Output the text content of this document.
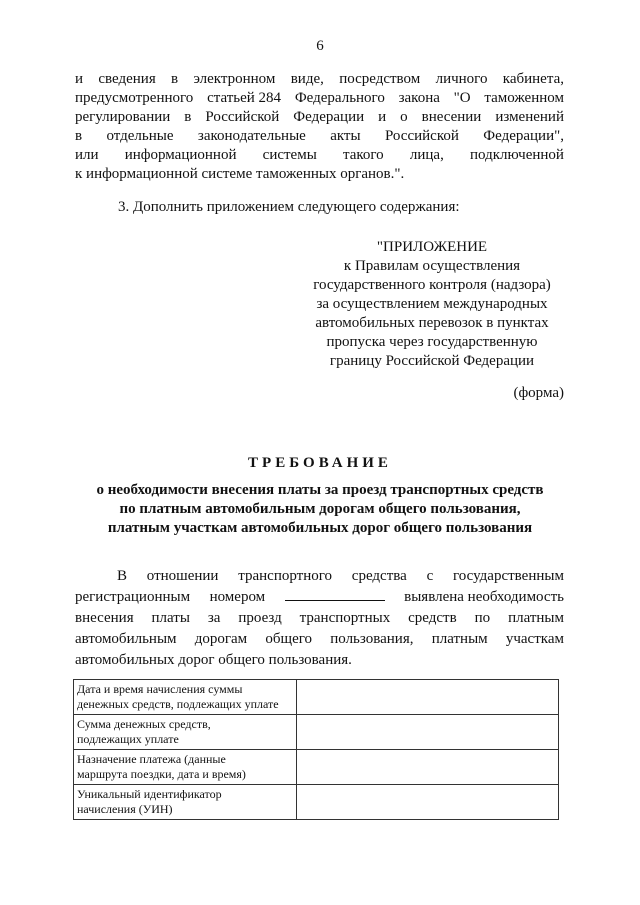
6
и сведения в электронном виде, посредством личного кабинета,
предусмотренного статьей 284 Федерального закона "О таможенном
регулировании в Российской Федерации и о внесении изменений
в отдельные законодательные акты Российской Федерации",
или информационной системы такого лица, подключенной
к информационной системе таможенных органов.".
3. Дополнить приложением следующего содержания:
"ПРИЛОЖЕНИЕ
к Правилам осуществления
государственного контроля (надзора)
за осуществлением международных
автомобильных перевозок в пунктах
пропуска через государственную
границу Российской Федерации
(форма)
ТРЕБОВАНИЕ
о необходимости внесения платы за проезд транспортных средств
по платным автомобильным дорогам общего пользования,
платным участкам автомобильных дорог общего пользования
В отношении транспортного средства с государственным
регистрационным номером	выявлена необходимость
внесения платы за проезд транспортных средств по платным
автомобильным дорогам общего пользования, платным участкам
автомобильных дорог общего пользования.
Дата и время начисления суммы
денежных средств, подлежащих уплате	

Сумма денежных средств,
подлежащих уплате	

Назначение платежа (данные
маршрута поездки, дата и время)	

Уникальный идентификатор
начисления (УИН)	
